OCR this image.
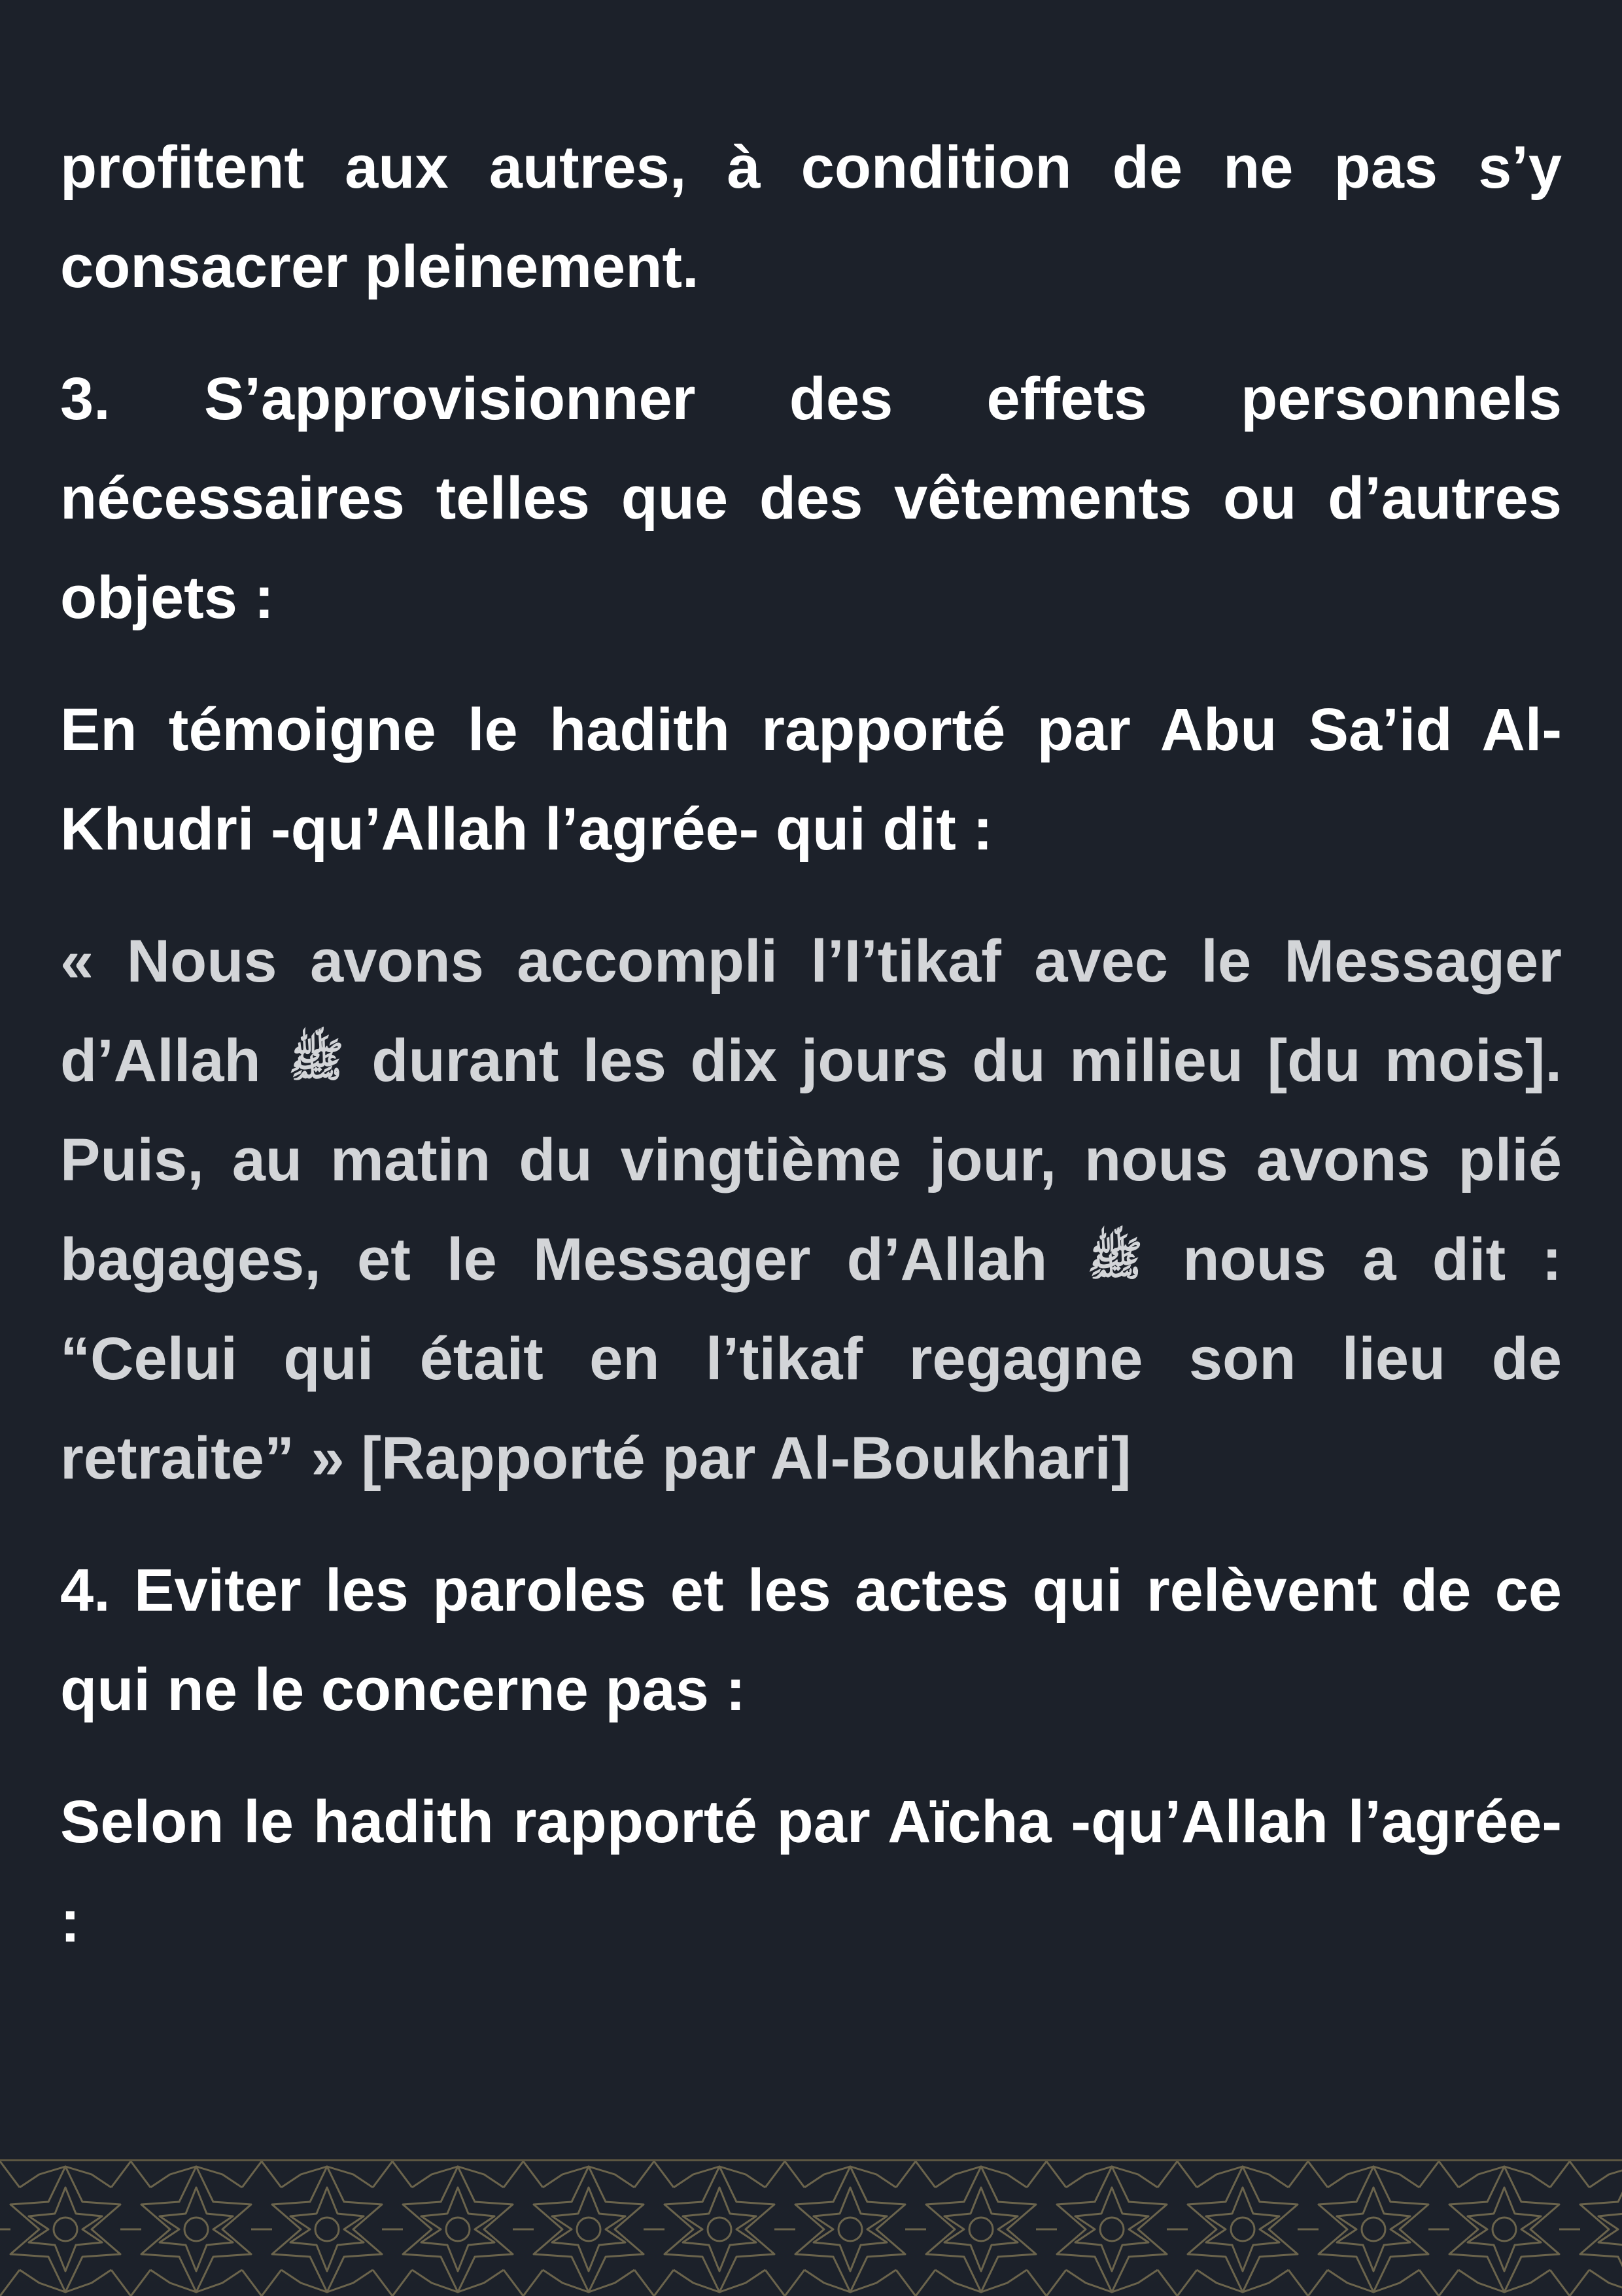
profitent aux autres, à condition de ne pas s’y consacrer pleinement.

3. S’approvisionner des effets personnels

nécessaires telles que des vêtements ou d’autres objets :

En témoigne le hadith rapporté par Abu Sa’id Al-Khudri -qu’Allah l’agrée- qui dit :

« Nous avons accompli l’I’tikaf avec le Messager d’Allah ﷺ durant les dix jours du milieu [du mois]. Puis, au matin du vingtième jour, nous avons plié bagages, et le Messager d’Allah ﷺ nous a dit : “Celui qui était en l’tikaf regagne son lieu de retraite” » [Rapporté par Al-Boukhari]

4. Eviter les paroles et les actes qui relèvent de ce qui ne le concerne pas :

Selon le hadith rapporté par Aïcha -qu’Allah l’agrée- :
